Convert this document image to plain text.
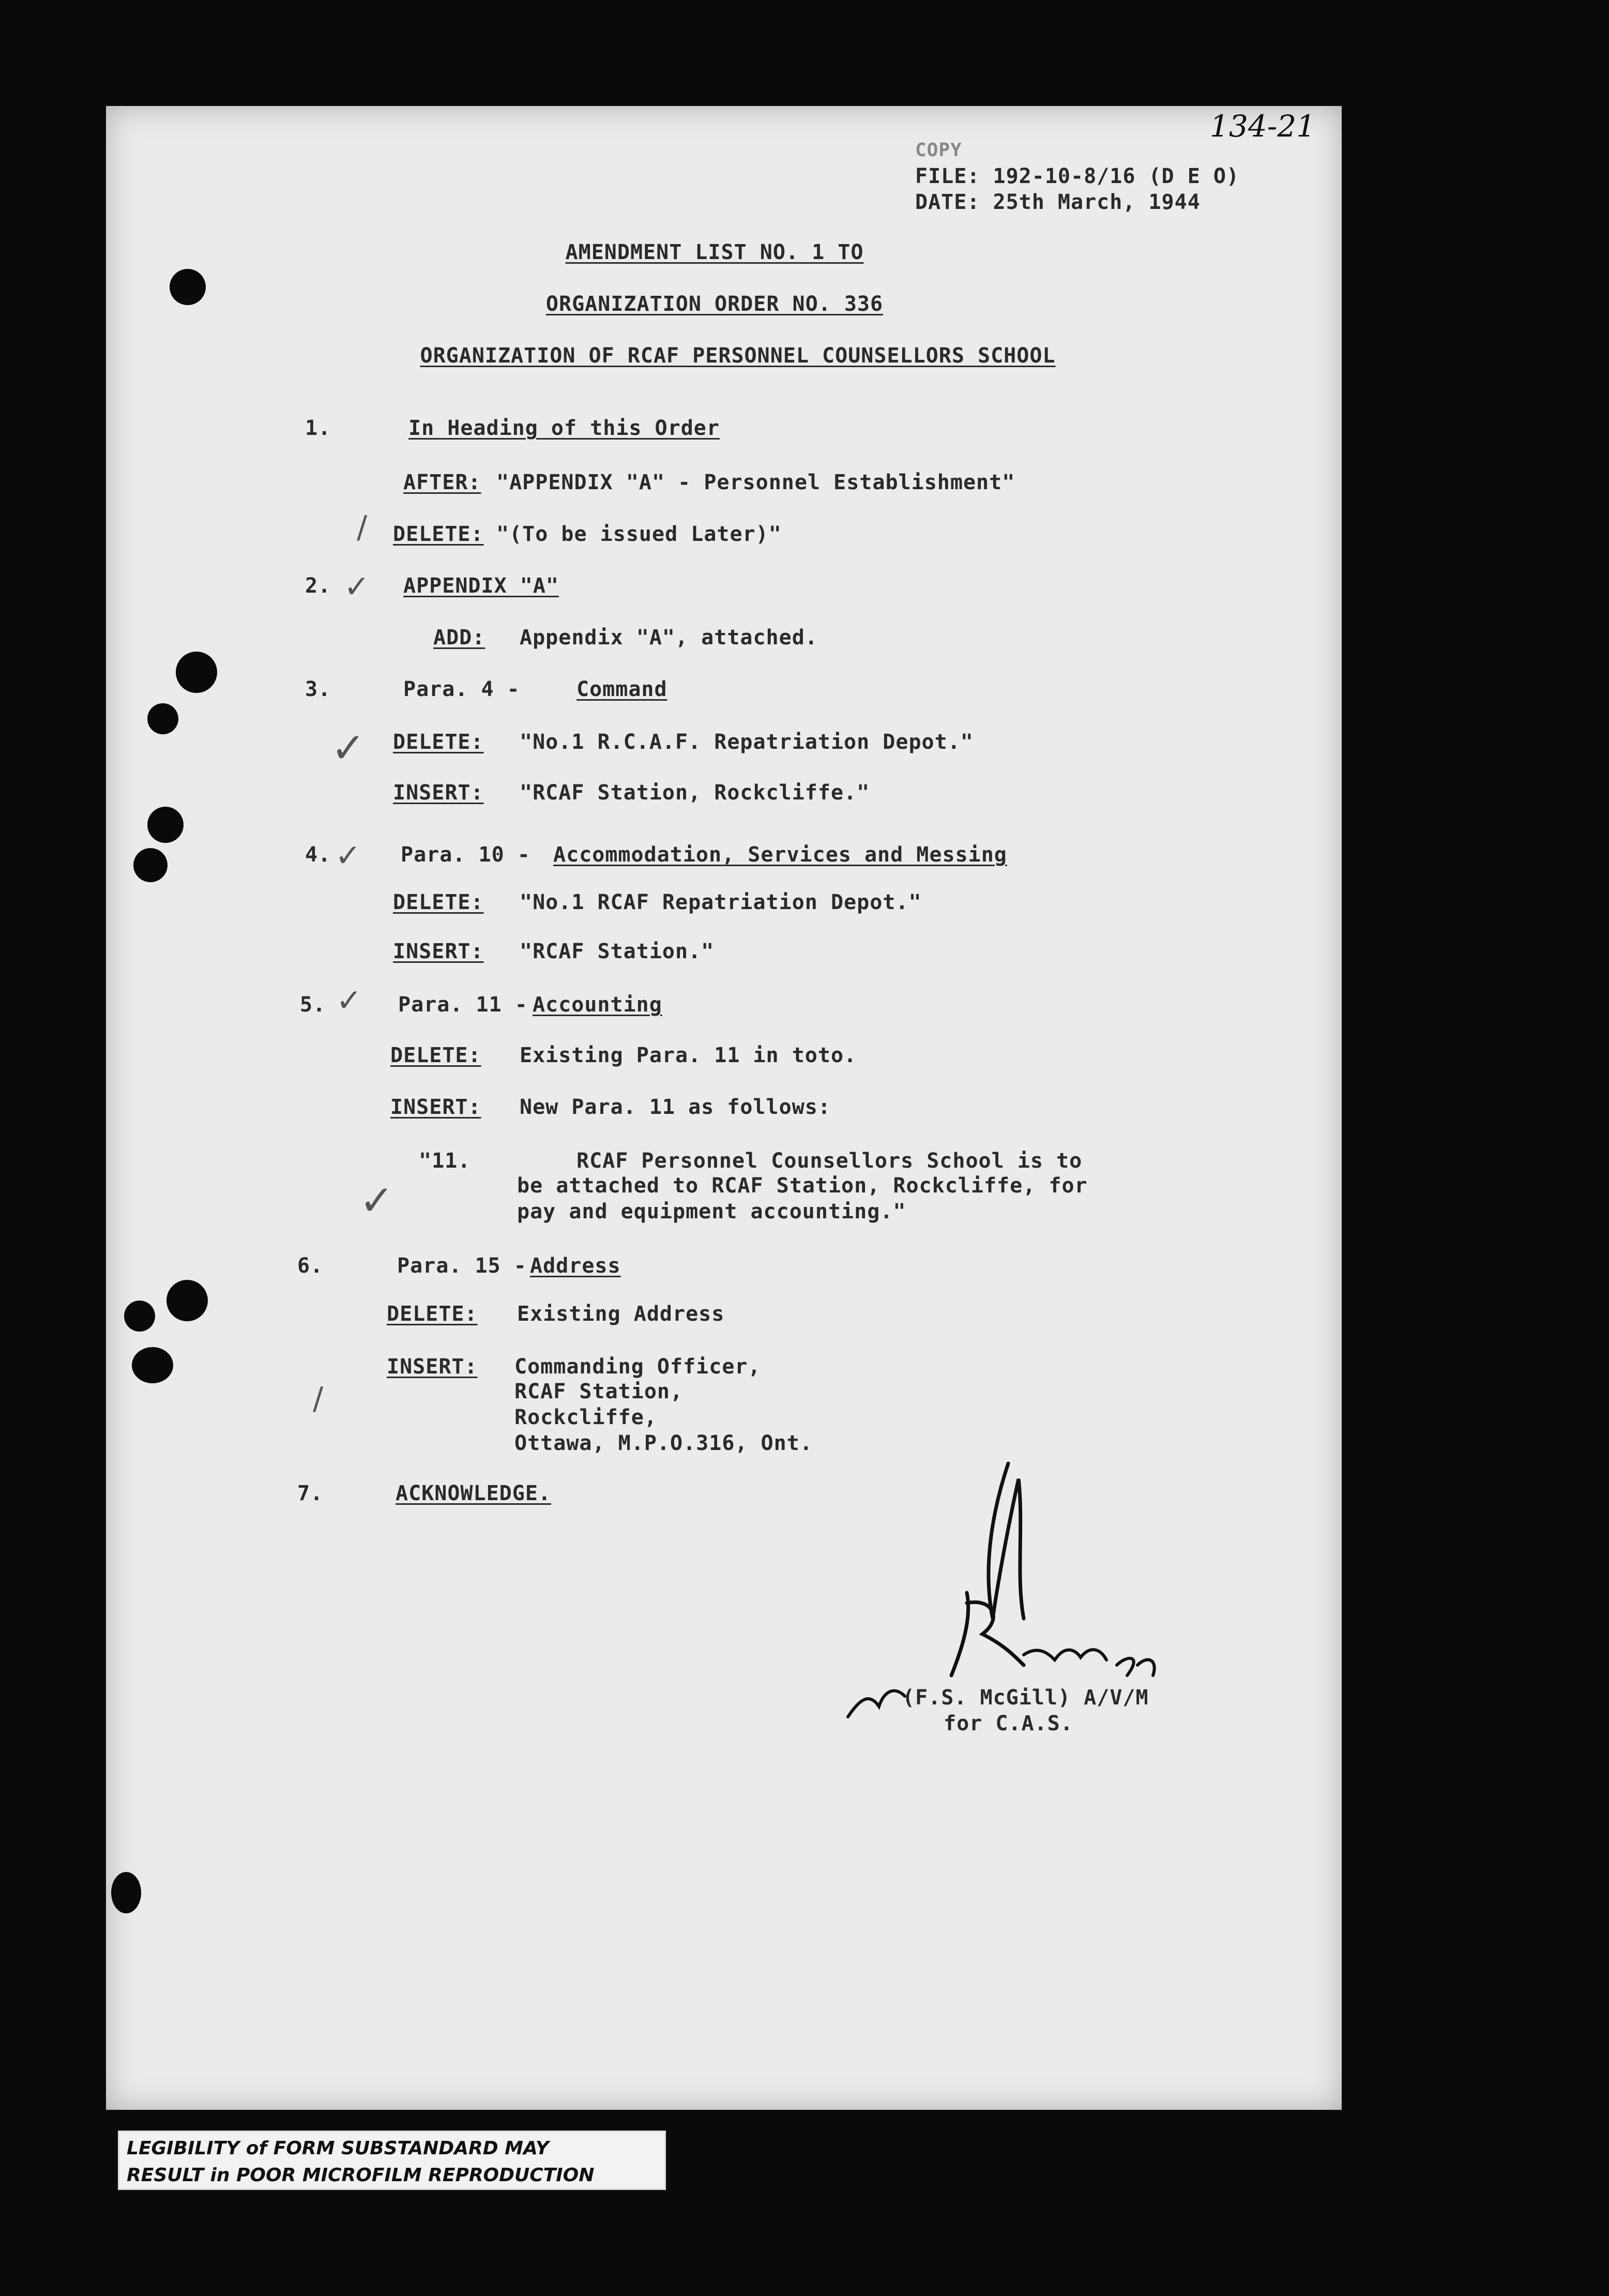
134-21
COPY
FILE: 192-10-8/16 (D E O)
DATE: 25th March, 1944
AMENDMENT LIST NO. 1 TO
ORGANIZATION ORDER NO. 336
ORGANIZATION OF RCAF PERSONNEL COUNSELLORS SCHOOL
1.	In Heading of this Order
AFTER: "APPENDIX "A" - Personnel Establishment"
/ DELETE: "(To be issued Later)"
2. ✓ APPENDIX "A"
ADD: Appendix "A", attached.
3.	Para. 4 -	Command
✓ DELETE: "No.1 R.C.A.F. Repatriation Depot."
INSERT: "RCAF Station, Rockcliffe."
4. ✓ Para. 10 - Accommodation, Services and Messing
DELETE: "No.1 RCAF Repatriation Depot."
INSERT: "RCAF Station."
5. ✓ Para. 11 - Accounting
DELETE: Existing Para. 11 in toto.
INSERT: New Para. 11 as follows:
"11.	RCAF Personnel Counsellors School is to
be attached to RCAF Station, Rockcliffe, for
✓	pay and equipment accounting."
6.	Para. 15 - Address
DELETE: Existing Address
INSERT: Commanding Officer,
RCAF Station,
/
Rockcliffe,
Ottawa, M.P.O.316, Ont.
7.	ACKNOWLEDGE.
(F.S. McGill) A/V/M
for C.A.S.
LEGIBILITY of FORM SUBSTANDARD MAY
RESULT in POOR MICROFILM REPRODUCTION
